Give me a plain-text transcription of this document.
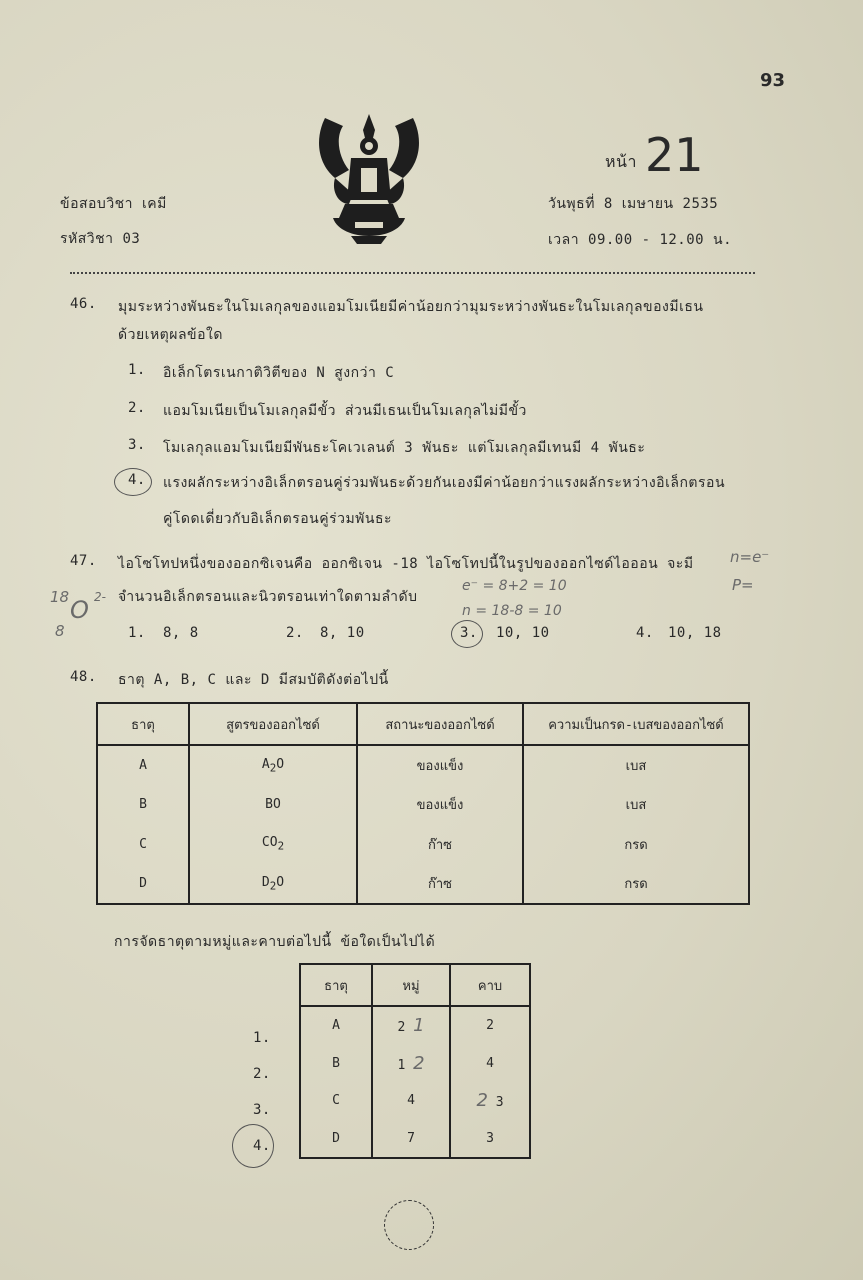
93
หน้า 21
ข้อสอบวิชา เคมี
รหัสวิชา 03
วันพุธที่ 8 เมษายน 2535
เวลา 09.00 - 12.00 น.
46. มุมระหว่างพันธะในโมเลกุลของแอมโมเนียมีค่าน้อยกว่ามุมระหว่างพันธะในโมเลกุลของมีเธน
ด้วยเหตุผลข้อใด
1. อิเล็กโตรเนกาติวิตีของ N สูงกว่า C
2. แอมโมเนียเป็นโมเลกุลมีขั้ว ส่วนมีเธนเป็นโมเลกุลไม่มีขั้ว
3. โมเลกุลแอมโมเนียมีพันธะโคเวเลนต์ 3 พันธะ แต่โมเลกุลมีเทนมี 4 พันธะ
4. แรงผลักระหว่างอิเล็กตรอนคู่ร่วมพันธะด้วยกันเองมีค่าน้อยกว่าแรงผลักระหว่างอิเล็กตรอน
คู่โดดเดี่ยวกับอิเล็กตรอนคู่ร่วมพันธะ
47. ไอโซโทปหนึ่งของออกซิเจนคือ ออกซิเจน -18 ไอโซโทปนี้ในรูปของออกไซด์ไอออน จะมี
จำนวนอิเล็กตรอนและนิวตรอนเท่าใดตามลำดับ
n=e⁻
P=
e⁻ = 8+2 = 10
n = 18-8 = 10
18 O 2-
8	1. 8, 8	2. 8, 10	3. 10, 10	4. 10, 18
48. ธาตุ A, B, C และ D มีสมบัติดังต่อไปนี้
ธาตุ	สูตรของออกไซด์	สถานะของออกไซด์	ความเป็นกรด-เบสของออกไซด์
A	$A_2O$	ของแข็ง	เบส
B	BO	ของแข็ง	เบส
C	$CO_2$	ก๊าซ	กรด
D	$D_2O$	ก๊าซ	กรด
การจัดธาตุตามหมู่และคาบต่อไปนี้ ข้อใดเป็นไปได้
ธาตุ	หมู่	คาบ
A	2 1	2
B	1 2	4
C	4	2 3
D	7	3
1.
2.
3.
4.
